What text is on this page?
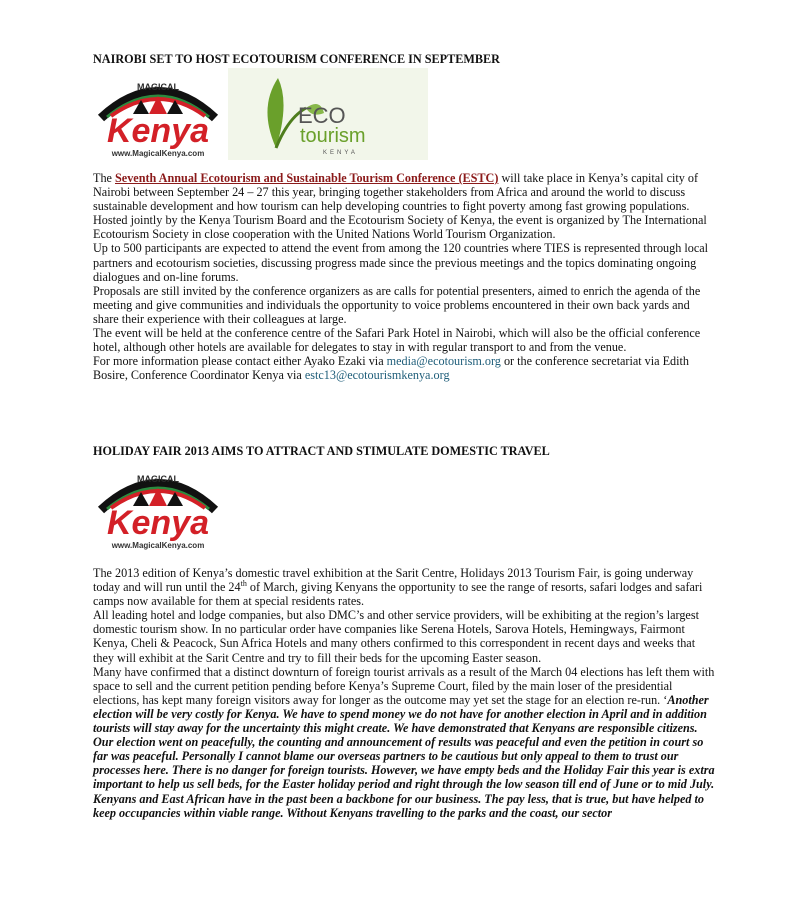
NAIROBI SET TO HOST ECOTOURISM CONFERENCE IN SEPTEMBER
MAGICAL
Kenya
www.MagicalKenya.com
ECO
tourism
KENYA

The Seventh Annual Ecotourism and Sustainable Tourism Conference (ESTC) will take place in Kenya’s capital city of Nairobi between September 24 – 27 this year, bringing together stakeholders from Africa and around the world to discuss sustainable development and how tourism can help developing countries to fight poverty among fast growing populations.

Hosted jointly by the Kenya Tourism Board and the Ecotourism Society of Kenya, the event is organized by The International Ecotourism Society in close cooperation with the United Nations World Tourism Organization.

Up to 500 participants are expected to attend the event from among the 120 countries where TIES is represented through local partners and ecotourism societies, discussing progress made since the previous meetings and the topics dominating ongoing dialogues and on-line forums.

Proposals are still invited by the conference organizers as are calls for potential presenters, aimed to enrich the agenda of the meeting and give communities and individuals the opportunity to voice problems encountered in their own back yards and share their experience with their colleagues at large.

The event will be held at the conference centre of the Safari Park Hotel in Nairobi, which will also be the official conference hotel, although other hotels are available for delegates to stay in with regular transport to and from the venue.

For more information please contact either Ayako Ezaki via media@ecotourism.org or the conference secretariat via Edith Bosire, Conference Coordinator Kenya via estc13@ecotourismkenya.org

HOLIDAY FAIR 2013 AIMS TO ATTRACT AND STIMULATE DOMESTIC TRAVEL
MAGICAL
Kenya
www.MagicalKenya.com

The 2013 edition of Kenya’s domestic travel exhibition at the Sarit Centre, Holidays 2013 Tourism Fair, is going underway today and will run until the 24th of March, giving Kenyans the opportunity to see the range of resorts, safari lodges and safari camps now available for them at special residents rates.

All leading hotel and lodge companies, but also DMC’s and other service providers, will be exhibiting at the region’s largest domestic tourism show. In no particular order have companies like Serena Hotels, Sarova Hotels, Hemingways, Fairmont Kenya, Cheli & Peacock, Sun Africa Hotels and many others confirmed to this correspondent in recent days and weeks that they will exhibit at the Sarit Centre and try to fill their beds for the upcoming Easter season.

Many have confirmed that a distinct downturn of foreign tourist arrivals as a result of the March 04 elections has left them with space to sell and the current petition pending before Kenya’s Supreme Court, filed by the main loser of the presidential elections, has kept many foreign visitors away for longer as the outcome may yet set the stage for an election re-run. ‘Another election will be very costly for Kenya. We have to spend money we do not have for another election in April and in addition tourists will stay away for the uncertainty this might create. We have demonstrated that Kenyans are responsible citizens. Our election went on peacefully, the counting and announcement of results was peaceful and even the petition in court so far was peaceful. Personally I cannot blame our overseas partners to be cautious but only appeal to them to trust our processes here. There is no danger for foreign tourists. However, we have empty beds and the Holiday Fair this year is extra important to help us sell beds, for the Easter holiday period and right through the low season till end of June or to mid July. Kenyans and East African have in the past been a backbone for our business. The pay less, that is true, but have helped to keep occupancies within viable range. Without Kenyans travelling to the parks and the coast, our sector
